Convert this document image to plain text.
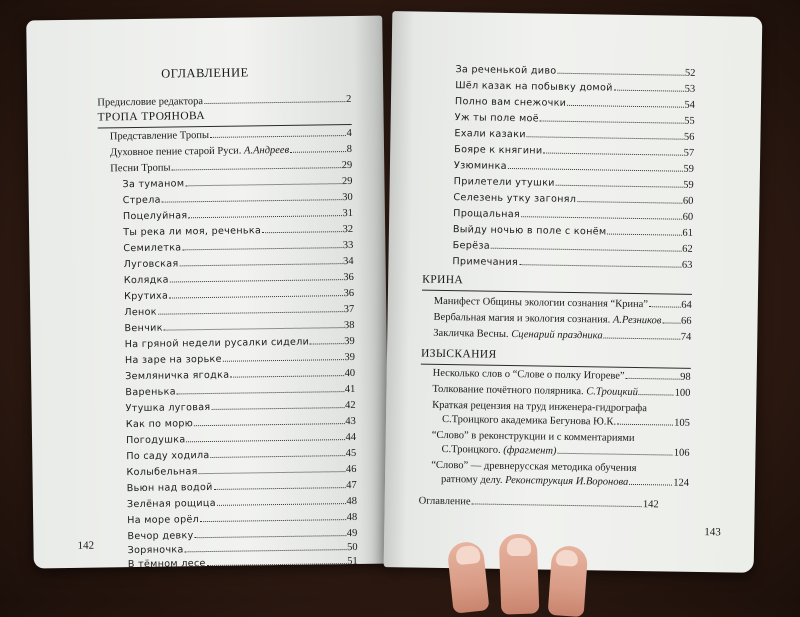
ОГЛАВЛЕНИЕ
Предисловие редактора	2
ТРОПА ТРОЯНОВА
Представление Тропы	4
Духовное пение старой Руси. А.Андреев	8
Песни Тропы	29
За туманом	29
Стрела	30
Поцелуйная	31
Ты река ли моя, реченька	32
Семилетка	33
Луговская	34
Колядка	36
Крутиха	36
Ленок	37
Венчик	38
На гряной недели русалки сидели	39
На заре на зорьке	39
Земляничка ягодка	40
Варенька	41
Утушка луговая	42
Как по морю	43
Погодушка	44
По саду ходила	45
Колыбельная	46
Вьюн над водой	47
Зелёная рощица	48
На море орёл	48
Вечор девку	49
Зоряночка	50
В тёмном лесе	51
142
За реченькой диво	52
Шёл казак на побывку домой	53
Полно вам снежочки	54
Уж ты поле моё	55
Ехали казаки	56
Бояре к княгини	57
Узюминка	59
Прилетели утушки	59
Селезень утку загонял	60
Прощальная	60
Выйду ночью в поле с конём	61
Берёза	62
Примечания	63
КРИНА
Манифест Общины экологии сознания “Крина”	64
Вербальная магия и экология сознания. А.Резников 66
Закличка Весны. Сценарий праздника	74
ИЗЫСКАНИЯ
Несколько слов о “Слове о полку Игореве”	98
Толкование почётного полярника. С.Троицкий	100
Краткая рецензия на труд инженера-гидрографа
С.Троицкого академика Бегунова Ю.К.	105
“Слово” в реконструкции и с комментариями
С.Троицкого. (фрагмент)	106
“Слово” — древнерусская методика обучения
ратному делу. Реконструкция И.Воронова	124
Оглавление	142
143
